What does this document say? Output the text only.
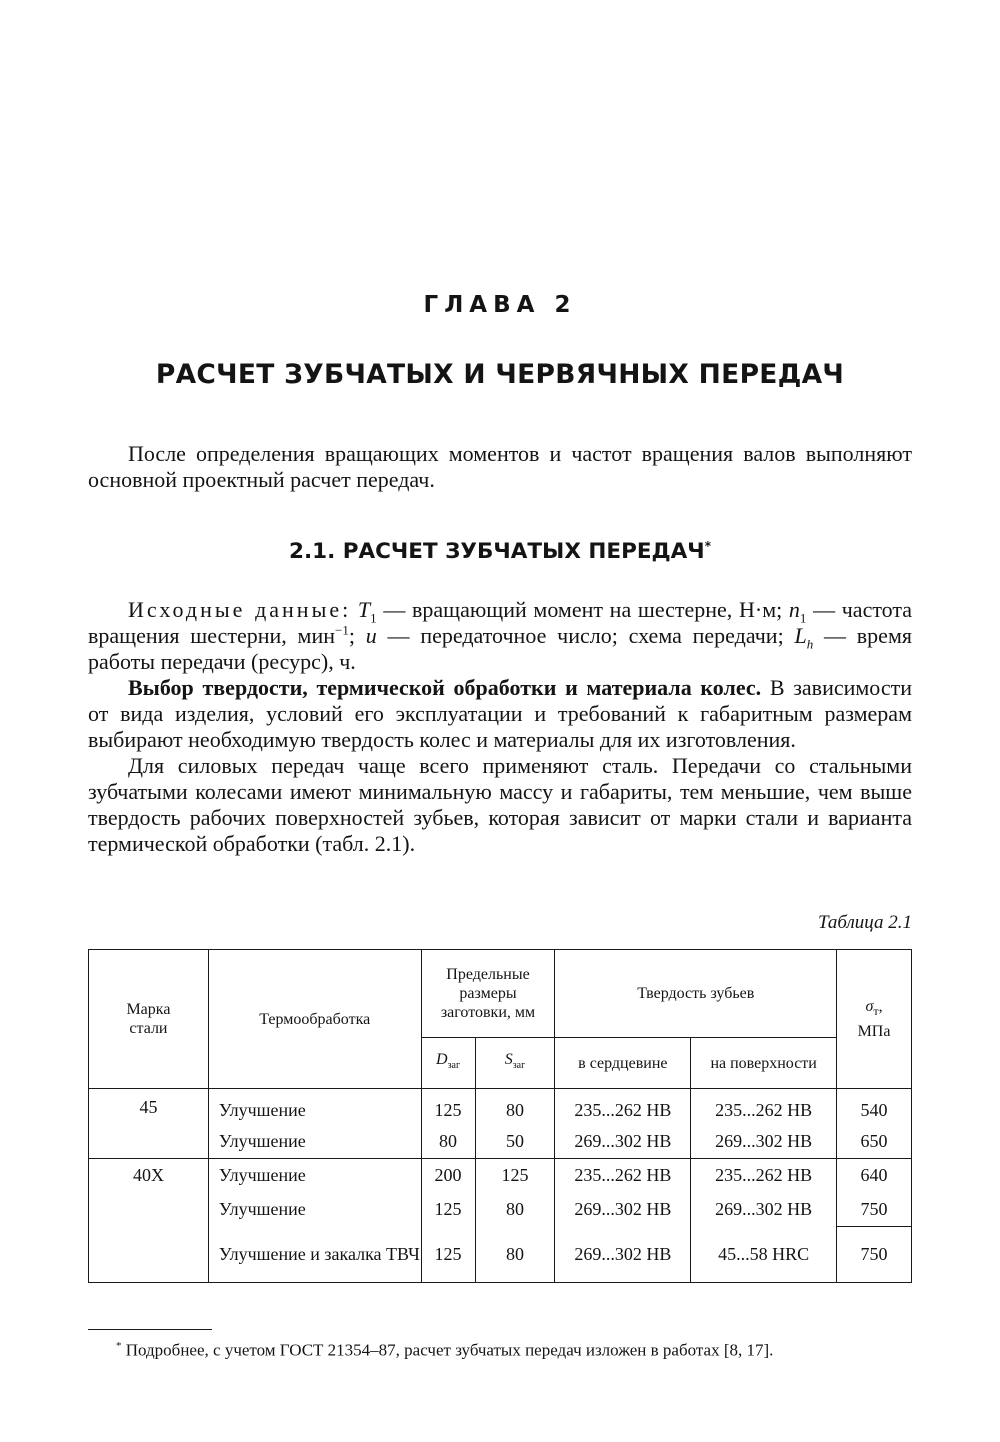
ГЛАВА 2
РАСЧЕТ ЗУБЧАТЫХ И ЧЕРВЯЧНЫХ ПЕРЕДАЧ

После определения вращающих моментов и частот вращения валов выполняют основной проектный расчет передач.

2.1. РАСЧЕТ ЗУБЧАТЫХ ПЕРЕДАЧ*

Исходные данные: $T_1$ — вращающий момент на шестерне, Н·м; $n_1$ — частота вращения шестерни, мин$^{-1}$; u — передаточное число; схема передачи; $L_h$ — время работы передачи (ресурс), ч.

Выбор твердости, термической обработки и материала колес. В зависимости от вида изделия, условий его эксплуатации и требований к габаритным размерам выбирают необходимую твердость колес и материалы для их изготовления.

Для силовых передач чаще всего применяют сталь. Передачи со стальными зубчатыми колесами имеют минимальную массу и габариты, тем меньшие, чем выше твердость рабочих поверхностей зубьев, которая зависит от марки стали и варианта термической обработки (табл. 2.1).

Таблица 2.1
Марка стали	Термообработка	Предельные размеры заготовки, мм		Твердость зубьев		$\sigma_т$,
МПа
		$D_{заг}$	$S_{заг}$	в сердцевине	на поверхности	
45	Улучшение	125	80	235...262 HB	235...262 HB	540
	Улучшение	80	50	269...302 HB	269...302 HB	650
40Х	Улучшение	200	125	235...262 HB	235...262 HB	640
	Улучшение	125	80	269...302 HB	269...302 HB	750
	Улучшение и закалка ТВЧ	125	80	269...302 HB	45...58 HRC	750
* Подробнее, с учетом ГОСТ 21354–87, расчет зубчатых передач изложен в работах [8, 17].
